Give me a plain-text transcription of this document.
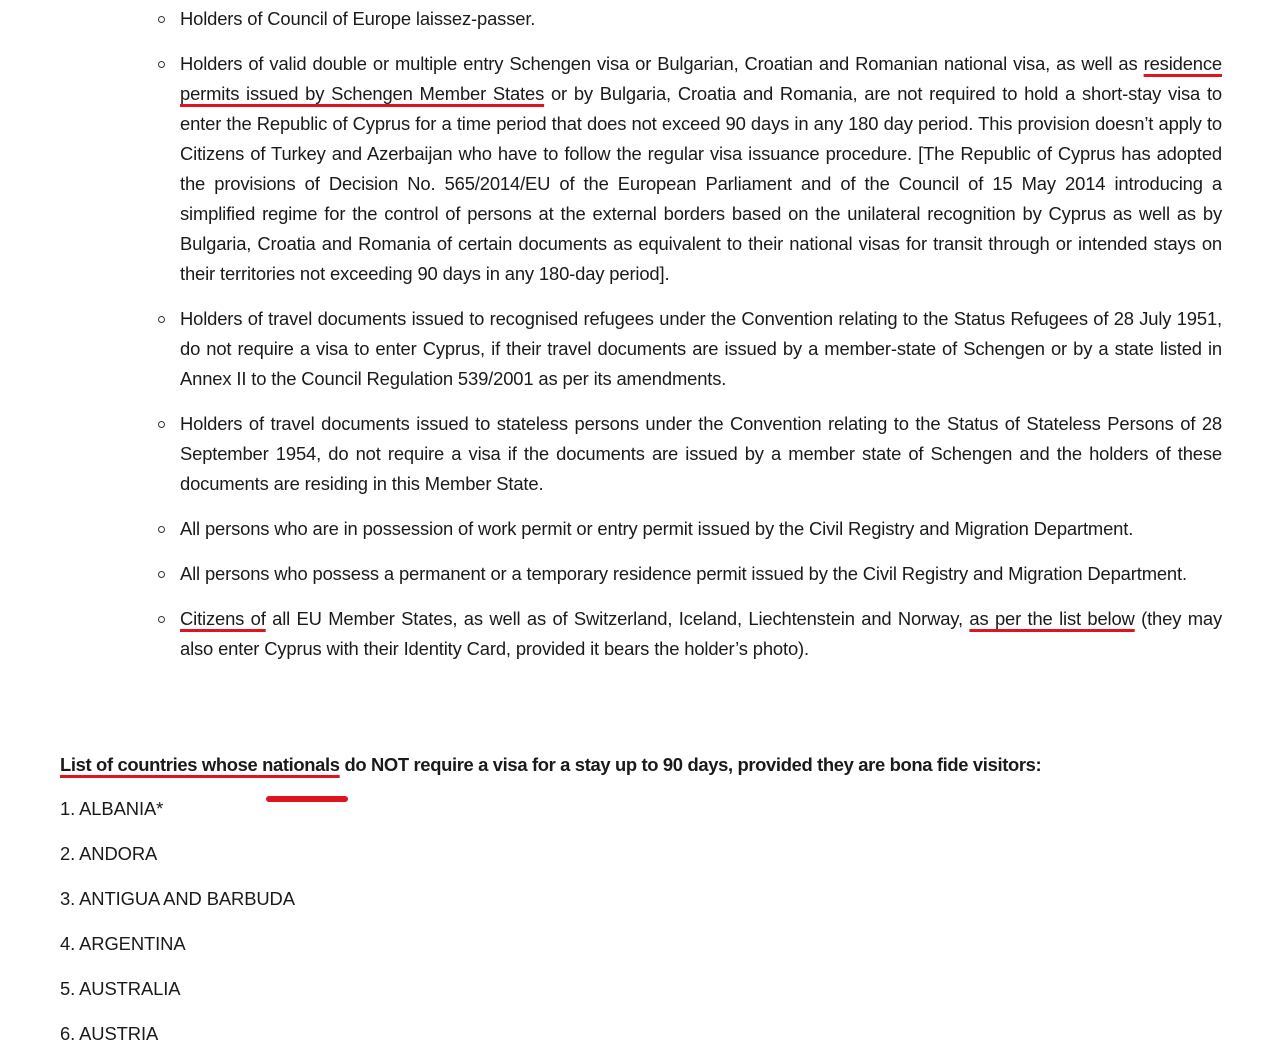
Holders of Council of Europe laissez-passer.
Holders of valid double or multiple entry Schengen visa or Bulgarian, Croatian and Romanian national visa, as well as residence permits issued by Schengen Member States or by Bulgaria, Croatia and Romania, are not required to hold a short-stay visa to enter the Republic of Cyprus for a time period that does not exceed 90 days in any 180 day period. This provision doesn’t apply to Citizens of Turkey and Azerbaijan who have to follow the regular visa issuance procedure. [The Republic of Cyprus has adopted the provisions of Decision No. 565/2014/EU of the European Parliament and of the Council of 15 May 2014 introducing a simplified regime for the control of persons at the external borders based on the unilateral recognition by Cyprus as well as by Bulgaria, Croatia and Romania of certain documents as equivalent to their national visas for transit through or intended stays on their territories not exceeding 90 days in any 180-day period].
Holders of travel documents issued to recognised refugees under the Convention relating to the Status Refugees of 28 July 1951, do not require a visa to enter Cyprus, if their travel documents are issued by a member-state of Schengen or by a state listed in Annex II to the Council Regulation 539/2001 as per its amendments.
Holders of travel documents issued to stateless persons under the Convention relating to the Status of Stateless Persons of 28 September 1954, do not require a visa if the documents are issued by a member state of Schengen and the holders of these documents are residing in this Member State.
All persons who are in possession of work permit or entry permit issued by the Civil Registry and Migration Department.
All persons who possess a permanent or a temporary residence permit issued by the Civil Registry and Migration Department.
Citizens of all EU Member States, as well as of Switzerland, Iceland, Liechtenstein and Norway, as per the list below (they may also enter Cyprus with their Identity Card, provided it bears the holder’s photo).

List of countries whose nationals do NOT require a visa for a stay up to 90 days, provided they are bona fide visitors:

1. ALBANIA*
2. ANDORA
3. ANTIGUA AND BARBUDA
4. ARGENTINA
5. AUSTRALIA
6. AUSTRIA
